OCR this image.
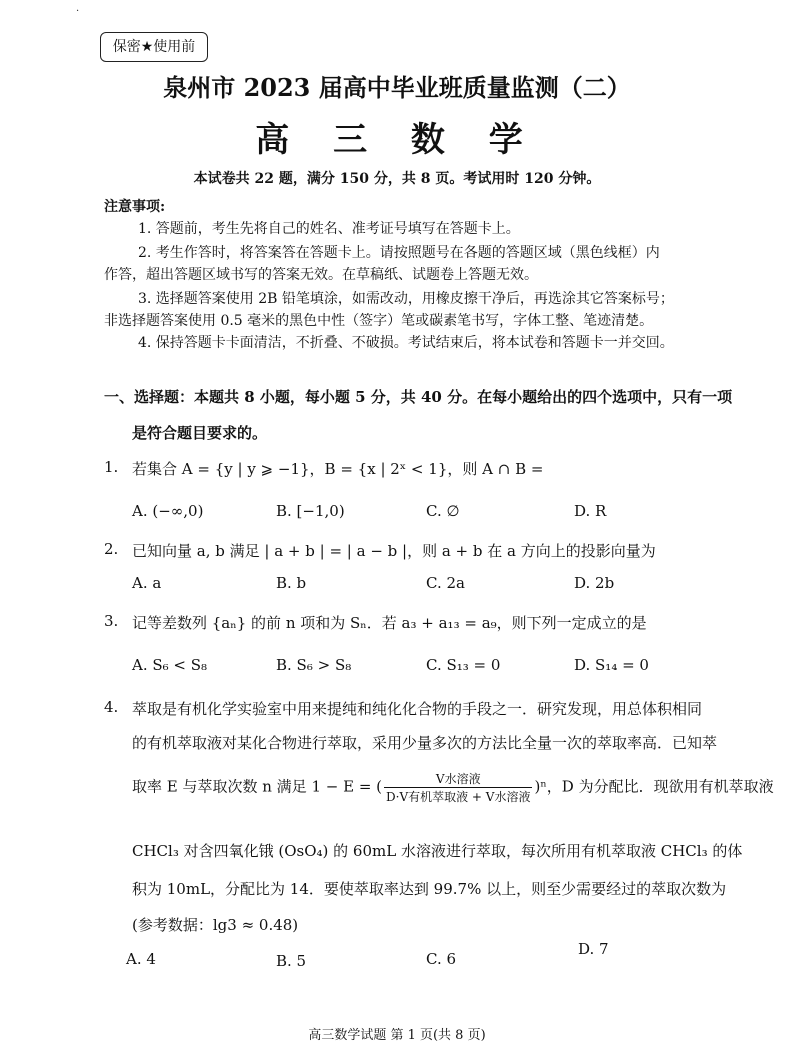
·
保密★使用前
泉州市 2023 届高中毕业班质量监测（二）
高 三 数 学
本试卷共 22 题，满分 150 分，共 8 页。考试用时 120 分钟。
注意事项:
1. 答题前，考生先将自己的姓名、准考证号填写在答题卡上。
2. 考生作答时，将答案答在答题卡上。请按照题号在各题的答题区域（黑色线框）内
作答，超出答题区域书写的答案无效。在草稿纸、试题卷上答题无效。
3. 选择题答案使用 2B 铅笔填涂，如需改动，用橡皮擦干净后，再选涂其它答案标号；
非选择题答案使用 0.5 毫米的黑色中性（签字）笔或碳素笔书写，字体工整、笔迹清楚。
4. 保持答题卡卡面清洁，不折叠、不破损。考试结束后，将本试卷和答题卡一并交回。
一、选择题：本题共 8 小题，每小题 5 分，共 40 分。在每小题给出的四个选项中，只有一项
是符合题目要求的。
1. 若集合 A = {y | y ⩾ −1}，B = {x | 2ˣ < 1}，则 A ∩ B =
A. (−∞,0)	B. [−1,0)	C. ∅	D. R
2. 已知向量 a, b 满足 | a + b | = | a − b |，则 a + b 在 a 方向上的投影向量为
A. a	B. b	C. 2a	D. 2b
3. 记等差数列 {aₙ} 的前 n 项和为 Sₙ．若 a₃ + a₁₃ = a₉，则下列一定成立的是
A. S₆ < S₈	B. S₆ > S₈	C. S₁₃ = 0	D. S₁₄ = 0
4. 萃取是有机化学实验室中用来提纯和纯化化合物的手段之一．研究发现，用总体积相同
的有机萃取液对某化合物进行萃取，采用少量多次的方法比全量一次的萃取率高．已知萃
取率 E 与萃取次数 n 满足 1 − E = ( $\frac{\text{V水溶液}}{\text{D·V有机萃取液 + V水溶液}} )^n$，D 为分配比．现欲用有机萃取液
CHCl₃ 对含四氧化锇 (OsO₄) 的 60mL 水溶液进行萃取，每次所用有机萃取液 CHCl₃ 的体
积为 10mL，分配比为 14．要使萃取率达到 99.7% 以上，则至少需要经过的萃取次数为
(参考数据：lg3 ≈ 0.48)
A. 4	B. 5	C. 6
D. 7
高三数学试题 第 1 页(共 8 页)
